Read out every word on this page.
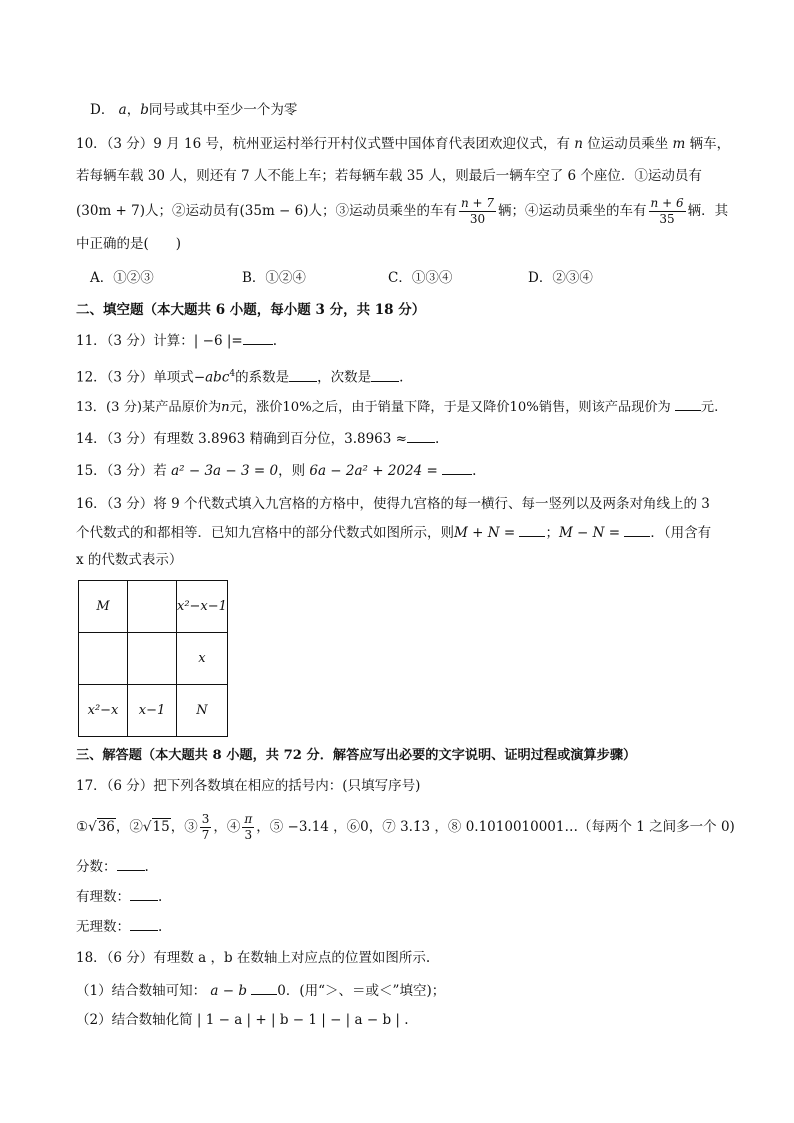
D． a，b同号或其中至少一个为零
10．（3 分）9 月 16 号，杭州亚运村举行开村仪式暨中国体育代表团欢迎仪式，有 n 位运动员乘坐 m 辆车，
若每辆车载 30 人，则还有 7 人不能上车；若每辆车载 35 人，则最后一辆车空了 6 个座位．①运动员有
(30m + 7)人；②运动员有(35m − 6)人；③运动员乘坐的车有 $\frac{n + 7}{30}$ 辆；④运动员乘坐的车有 $\frac{n + 6}{35}$ 辆．其
中正确的是(　　)
A．①②③	B．①②④	C．①③④	D．②③④
二、填空题（本大题共 6 小题，每小题 3 分，共 18 分）
11．（3 分）计算：| −6 |= .
12．（3 分）单项式−abc$^4$的系数是 ，次数是 .
13．(3 分)某产品原价为n元，涨价10%之后，由于销量下降，于是又降价10%销售，则该产品现价为 元.
14．（3 分）有理数 3.8963 精确到百分位，3.8963 ≈ .
15．（3 分）若 a² − 3a − 3 = 0，则 6a − 2a² + 2024 =	.
16．（3 分）将 9 个代数式填入九宫格的方格中，使得九宫格的每一横行、每一竖列以及两条对角线上的 3
个代数式的和都相等．已知九宫格中的部分代数式如图所示，则M + N = ；M − N = ．（用含有
x 的代数式表示）
M		x²−x−1
		x
x²−x	x−1	N
三、解答题（本大题共 8 小题，共 72 分．解答应写出必要的文字说明、证明过程或演算步骤）
17．（6 分）把下列各数填在相应的括号内：(只填写序号)
①√36，②√15，③ $\frac{3}{7}$ ，④ $\frac{\pi}{3}$ ，⑤ −3.14 ，⑥0，⑦ 3.1̇3̇ ，⑧ 0.1010010001…（每两个 1 之间多一个 0)
分数： .
有理数： .
无理数： .
18．（6 分）有理数 a ，b 在数轴上对应点的位置如图所示.
（1）结合数轴可知： a − b 0．(用“＞、＝或＜”填空)；
（2）结合数轴化简 | 1 − a | + | b − 1 | − | a − b | .
